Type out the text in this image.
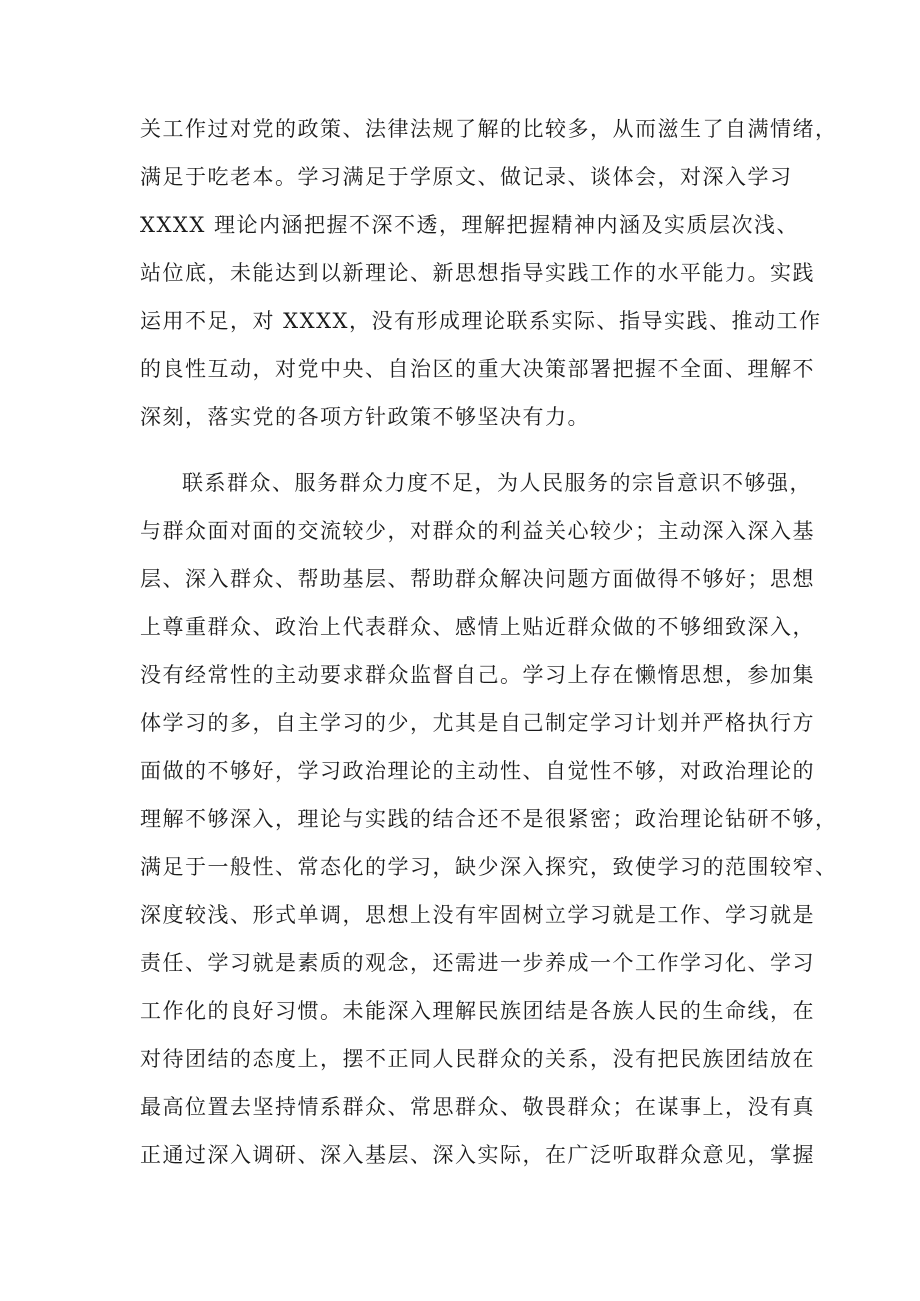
关工作过对党的政策、法律法规了解的比较多，从而滋生了自满情绪，
满足于吃老本。学习满足于学原文、做记录、谈体会，对深入学习
XXXX 理论内涵把握不深不透，理解把握精神内涵及实质层次浅、
站位底，未能达到以新理论、新思想指导实践工作的水平能力。实践
运用不足，对 XXXX，没有形成理论联系实际、指导实践、推动工作
的良性互动，对党中央、自治区的重大决策部署把握不全面、理解不
深刻，落实党的各项方针政策不够坚决有力。
联系群众、服务群众力度不足，为人民服务的宗旨意识不够强，
与群众面对面的交流较少，对群众的利益关心较少；主动深入深入基
层、深入群众、帮助基层、帮助群众解决问题方面做得不够好；思想
上尊重群众、政治上代表群众、感情上贴近群众做的不够细致深入，
没有经常性的主动要求群众监督自己。学习上存在懒惰思想，参加集
体学习的多，自主学习的少，尤其是自己制定学习计划并严格执行方
面做的不够好，学习政治理论的主动性、自觉性不够，对政治理论的
理解不够深入，理论与实践的结合还不是很紧密；政治理论钻研不够，
满足于一般性、常态化的学习，缺少深入探究，致使学习的范围较窄、
深度较浅、形式单调，思想上没有牢固树立学习就是工作、学习就是
责任、学习就是素质的观念，还需进一步养成一个工作学习化、学习
工作化的良好习惯。未能深入理解民族团结是各族人民的生命线，在
对待团结的态度上，摆不正同人民群众的关系，没有把民族团结放在
最高位置去坚持情系群众、常思群众、敬畏群众；在谋事上，没有真
正通过深入调研、深入基层、深入实际，在广泛听取群众意见，掌握
